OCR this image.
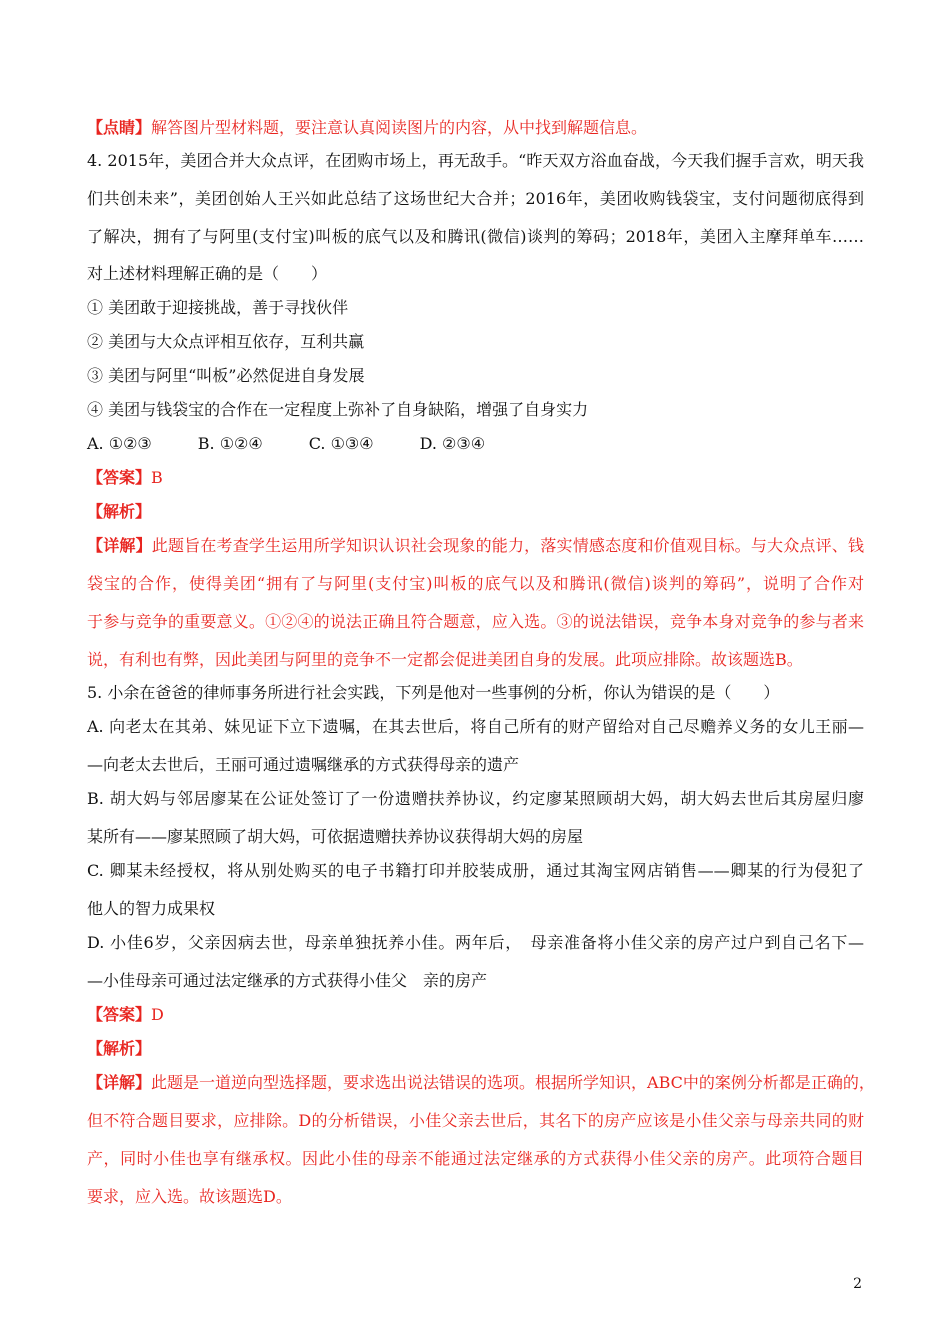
【点睛】解答图片型材料题，要注意认真阅读图片的内容，从中找到解题信息。
4. 2015年，美团合并大众点评，在团购市场上，再无敌手。“昨天双方浴血奋战，今天我们握手言欢，明天我
们共创未来”，美团创始人王兴如此总结了这场世纪大合并；2016年，美团收购钱袋宝，支付问题彻底得到
了解决，拥有了与阿里(支付宝)叫板的底气以及和腾讯(微信)谈判的筹码；2018年，美团入主摩拜单车……
对上述材料理解正确的是（　　）
① 美团敢于迎接挑战，善于寻找伙伴
② 美团与大众点评相互依存，互利共赢
③ 美团与阿里“叫板”必然促进自身发展
④ 美团与钱袋宝的合作在一定程度上弥补了自身缺陷，增强了自身实力
A. ①②③	B. ①②④	C. ①③④	D. ②③④
【答案】B
【解析】
【详解】此题旨在考查学生运用所学知识认识社会现象的能力，落实情感态度和价值观目标。与大众点评、钱
袋宝的合作，使得美团“拥有了与阿里(支付宝)叫板的底气以及和腾讯(微信)谈判的筹码”，说明了合作对
于参与竞争的重要意义。①②④的说法正确且符合题意，应入选。③的说法错误，竞争本身对竞争的参与者来
说，有利也有弊，因此美团与阿里的竞争不一定都会促进美团自身的发展。此项应排除。故该题选B。
5. 小余在爸爸的律师事务所进行社会实践，下列是他对一些事例的分析，你认为错误的是（　　）
A. 向老太在其弟、妹见证下立下遗嘱，在其去世后，将自己所有的财产留给对自己尽赡养义务的女儿王丽—
—向老太去世后，王丽可通过遗嘱继承的方式获得母亲的遗产
B. 胡大妈与邻居廖某在公证处签订了一份遗赠扶养协议，约定廖某照顾胡大妈，胡大妈去世后其房屋归廖
某所有——廖某照顾了胡大妈，可依据遗赠扶养协议获得胡大妈的房屋
C. 卿某未经授权，将从别处购买的电子书籍打印并胶装成册，通过其淘宝网店销售——卿某的行为侵犯了
他人的智力成果权
D. 小佳6岁，父亲因病去世，母亲单独抚养小佳。两年后，　母亲准备将小佳父亲的房产过户到自己名下—
—小佳母亲可通过法定继承的方式获得小佳父　亲的房产
【答案】D
【解析】
【详解】此题是一道逆向型选择题，要求选出说法错误的选项。根据所学知识，ABC中的案例分析都是正确的，
但不符合题目要求，应排除。D的分析错误，小佳父亲去世后，其名下的房产应该是小佳父亲与母亲共同的财
产，同时小佳也享有继承权。因此小佳的母亲不能通过法定继承的方式获得小佳父亲的房产。此项符合题目
要求，应入选。故该题选D。
2
